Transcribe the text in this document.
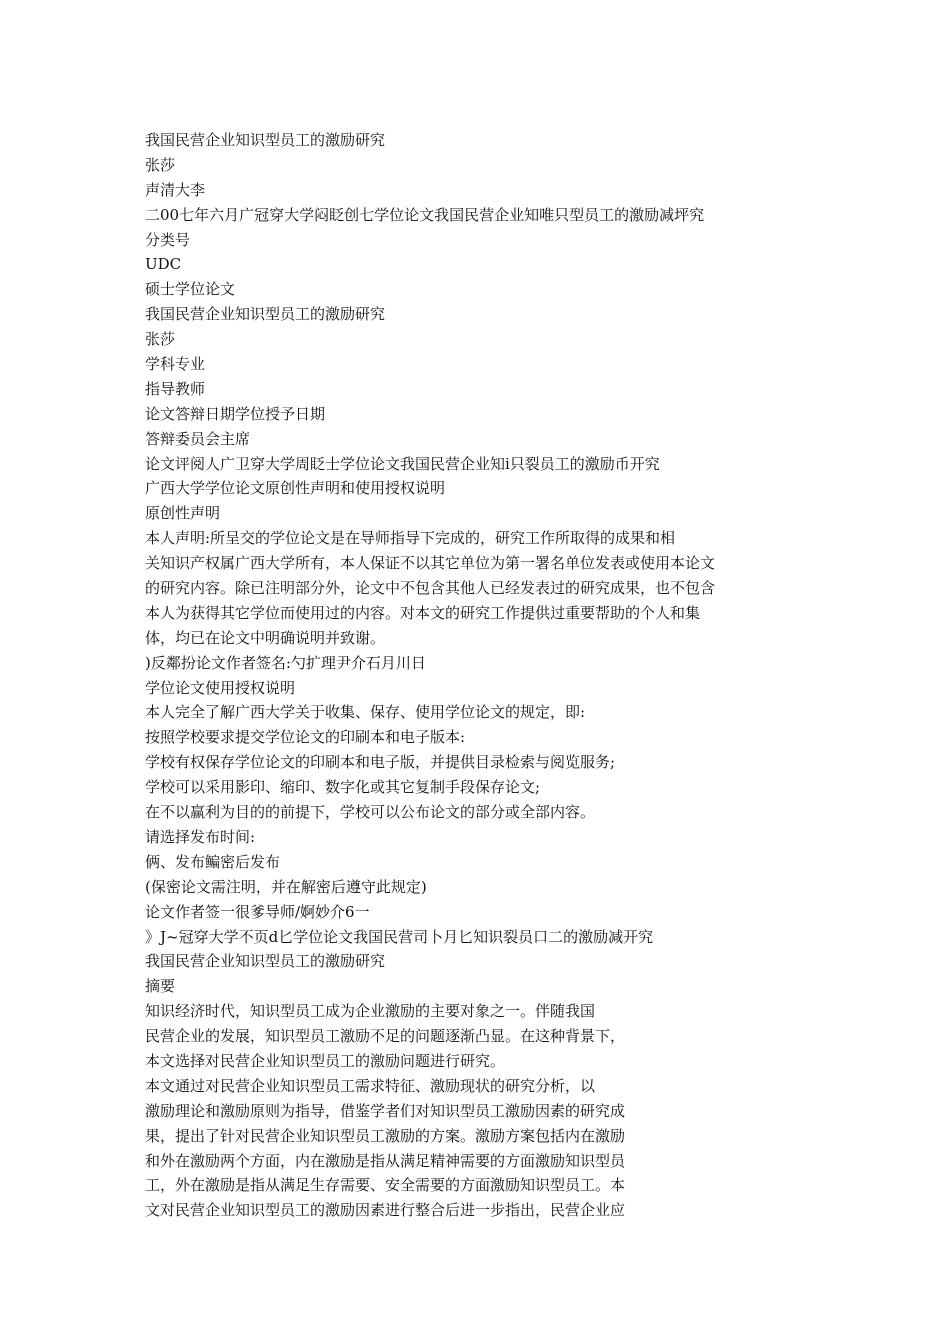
我国民营企业知识型员工的激励研究
张莎
声清大李
二00七年六月广冠穿大学闷眨创七学位论文我国民营企业知唯只型员工的激励减坪究
分类号
UDC
硕士学位论文
我国民营企业知识型员工的激励研究
张莎
学科专业
指导教师
论文答辩日期学位授予日期
答辩委员会主席
论文评阅人广卫穿大学周眨士学位论文我国民营企业知i只裂员工的激励币开究
广西大学学位论文原创性声明和使用授权说明
原创性声明
本人声明:所呈交的学位论文是在导师指导下完成的，研究工作所取得的成果和相
关知识产权属广西大学所有，本人保证不以其它单位为第一署名单位发表或使用本论文
的研究内容。除已注明部分外，论文中不包含其他人已经发表过的研究成果，也不包含
本人为获得其它学位而使用过的内容。对本文的研究工作提供过重要帮助的个人和集
体，均已在论文中明确说明并致谢。
)反鄰扮论文作者签名:勺扩理尹介石月川日
学位论文使用授权说明
本人完全了解广西大学关于收集、保存、使用学位论文的规定，即:
按照学校要求提交学位论文的印刷本和电子版本:
学校有权保存学位论文的印刷本和电子版，并提供目录检索与阅览服务;
学校可以采用影印、缩印、数字化或其它复制手段保存论文;
在不以赢利为目的的前提下，学校可以公布论文的部分或全部内容。
请选择发布时间:
俩、发布鳊密后发布
(保密论文需注明，并在解密后遵守此规定)
论文作者签一很爹导师/婀妙介6一
》J~冠穿大学不页d匕学位论文我国民营司卜月匕知识裂员口二的激励减开究
我国民营企业知识型员工的激励研究
摘要
知识经济时代，知识型员工成为企业激励的主要对象之一。伴随我国
民营企业的发展，知识型员工激励不足的问题逐渐凸显。在这种背景下，
本文选择对民营企业知识型员工的激励问题进行研究。
本文通过对民营企业知识型员工需求特征、激励现状的研究分析，以
激励理论和激励原则为指导，借鉴学者们对知识型员工激励因素的研究成
果，提出了针对民营企业知识型员工激励的方案。激励方案包括内在激励
和外在激励两个方面，内在激励是指从满足精神需要的方面激励知识型员
工，外在激励是指从满足生存需要、安全需要的方面激励知识型员工。本
文对民营企业知识型员工的激励因素进行整合后进一步指出，民营企业应
